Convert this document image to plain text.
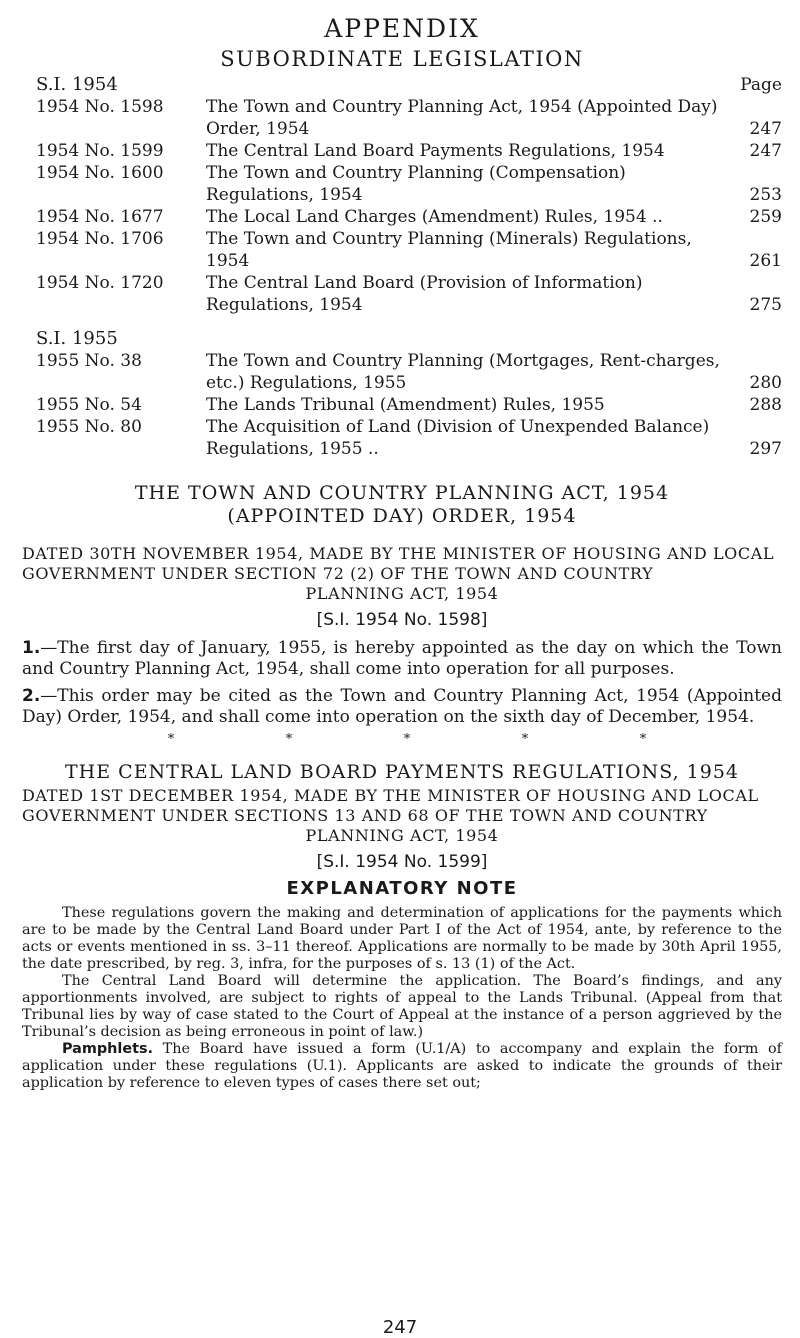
APPENDIX
SUBORDINATE LEGISLATION
S.I. 1954		Page
1954 No. 1598	The Town and Country Planning Act, 1954 (Appointed Day) Order, 1954	247
1954 No. 1599	The Central Land Board Payments Regulations, 1954	247
1954 No. 1600	The Town and Country Planning (Compensation) Regulations, 1954	253
1954 No. 1677	The Local Land Charges (Amendment) Rules, 1954 ..	259
1954 No. 1706	The Town and Country Planning (Minerals) Regulations, 1954	261
1954 No. 1720	The Central Land Board (Provision of Information) Regulations, 1954	275

S.I. 1955		
1955 No. 38	The Town and Country Planning (Mortgages, Rent-charges, etc.) Regulations, 1955	280
1955 No. 54	The Lands Tribunal (Amendment) Rules, 1955	288
1955 No. 80	The Acquisition of Land (Division of Unexpended Balance) Regulations, 1955 ..	297
THE TOWN AND COUNTRY PLANNING ACT, 1954
(APPOINTED DAY) ORDER, 1954
DATED 30TH NOVEMBER 1954, MADE BY THE MINISTER OF HOUSING AND LOCAL GOVERNMENT UNDER SECTION 72 (2) OF THE TOWN AND COUNTRY
PLANNING ACT, 1954
[S.I. 1954 No. 1598]

1.—The first day of January, 1955, is hereby appointed as the day on which the Town and Country Planning Act, 1954, shall come into operation for all purposes.

2.—This order may be cited as the Town and Country Planning Act, 1954 (Appointed Day) Order, 1954, and shall come into operation on the sixth day of December, 1954.

*	*	*	*	*
THE CENTRAL LAND BOARD PAYMENTS REGULATIONS, 1954
DATED 1ST DECEMBER 1954, MADE BY THE MINISTER OF HOUSING AND LOCAL GOVERNMENT UNDER SECTIONS 13 AND 68 OF THE TOWN AND COUNTRY
PLANNING ACT, 1954
[S.I. 1954 No. 1599]
EXPLANATORY NOTE

These regulations govern the making and determination of applications for the payments which are to be made by the Central Land Board under Part I of the Act of 1954, ante, by reference to the acts or events mentioned in ss. 3–11 thereof. Applications are normally to be made by 30th April 1955, the date prescribed, by reg. 3, infra, for the purposes of s. 13 (1) of the Act.

The Central Land Board will determine the application. The Board’s findings, and any apportionments involved, are subject to rights of appeal to the Lands Tribunal. (Appeal from that Tribunal lies by way of case stated to the Court of Appeal at the instance of a person aggrieved by the Tribunal’s decision as being erroneous in point of law.)

Pamphlets. The Board have issued a form (U.1/A) to accompany and explain the form of application under these regulations (U.1). Applicants are asked to indicate the grounds of their application by reference to eleven types of cases there set out;

247
